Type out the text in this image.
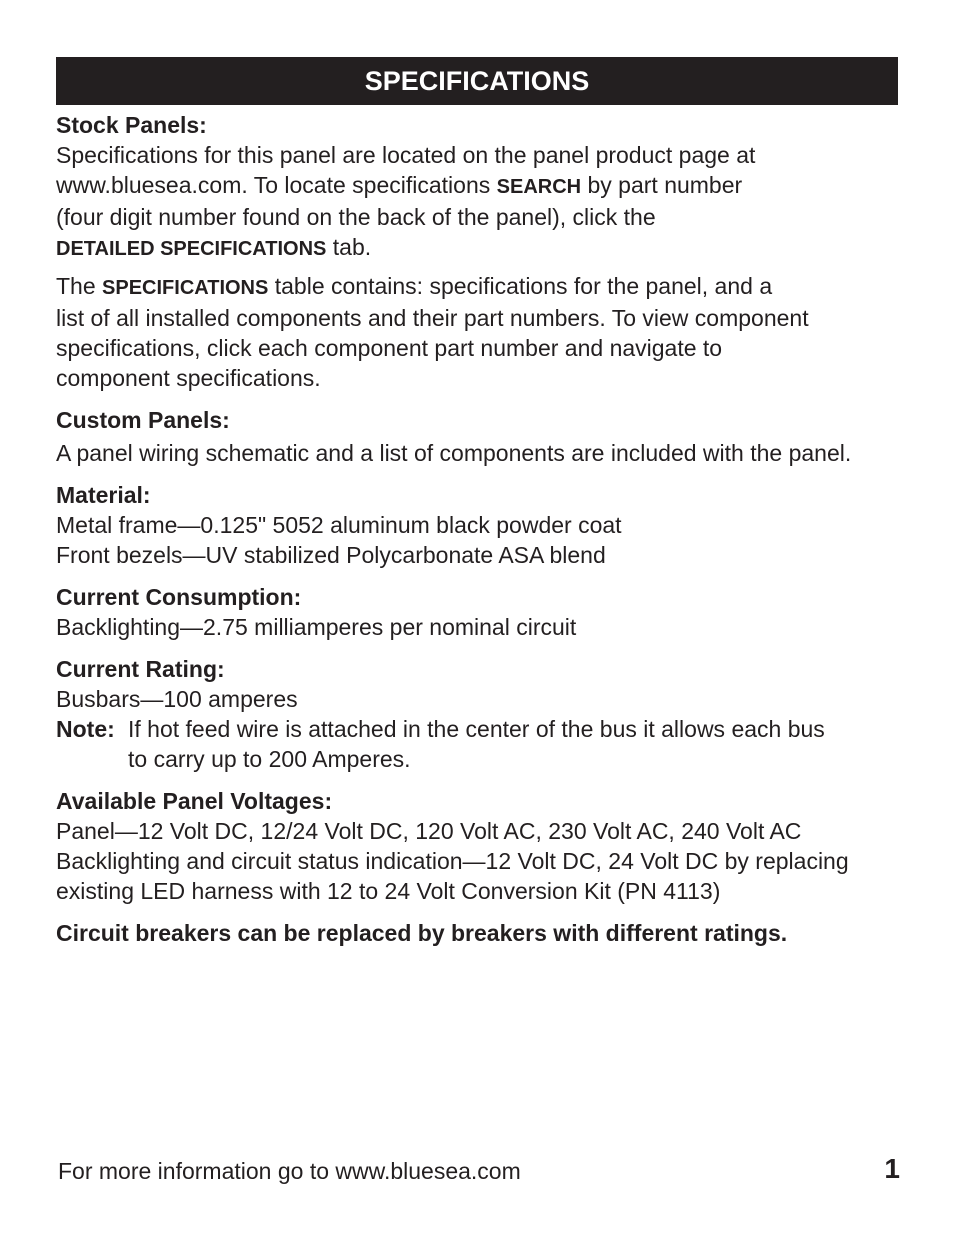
SPECIFICATIONS

Stock Panels:

Specifications for this panel are located on the panel product page at

www.bluesea.com. To locate specifications SEARCH by part number

(four digit number found on the back of the panel), click the

DETAILED SPECIFICATIONS tab.

The SPECIFICATIONS table contains: specifications for the panel, and a

list of all installed components and their part numbers. To view component

specifications, click each component part number and navigate to

component specifications.

Custom Panels:

A panel wiring schematic and a list of components are included with the panel.

Material:

Metal frame—0.125" 5052 aluminum black powder coat

Front bezels—UV stabilized Polycarbonate ASA blend

Current Consumption:

Backlighting—2.75 milliamperes per nominal circuit

Current Rating:

Busbars—100 amperes

Note: If hot feed wire is attached in the center of the bus it allows each bus

to carry up to 200 Amperes.

Available Panel Voltages:

Panel—12 Volt DC, 12/24 Volt DC, 120 Volt AC, 230 Volt AC, 240 Volt AC

Backlighting and circuit status indication—12 Volt DC, 24 Volt DC by replacing

existing LED harness with 12 to 24 Volt Conversion Kit (PN 4113)

Circuit breakers can be replaced by breakers with different ratings.

For more information go to www.bluesea.com	1
